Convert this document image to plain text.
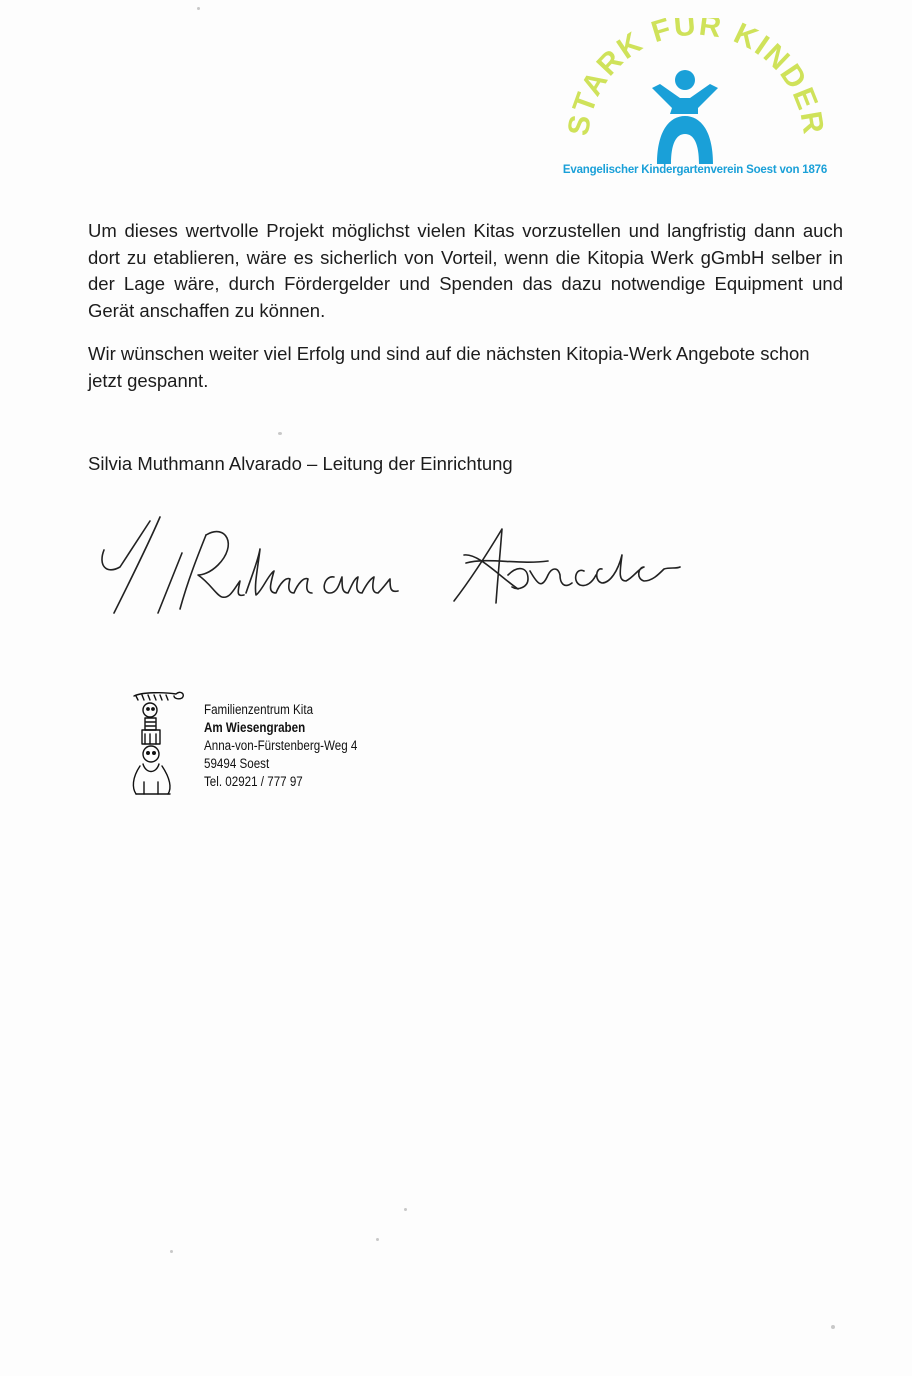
STARK FÜR KINDER
Evangelischer Kindergartenverein Soest von 1876

Um dieses wertvolle Projekt möglichst vielen Kitas vorzustellen und langfristig dann auch dort zu etablieren, wäre es sicherlich von Vorteil, wenn die Kitopia Werk gGmbH selber in der Lage wäre, durch Fördergelder und Spenden das dazu notwendige Equipment und Gerät anschaffen zu können.

Wir wünschen weiter viel Erfolg und sind auf die nächsten Kitopia-Werk Angebote schon jetzt gespannt.

Silvia Muthmann Alvarado – Leitung der Einrichtung
Familienzentrum Kita
Am Wiesengraben
Anna-von-Fürstenberg-Weg 4
59494 Soest
Tel. 02921 / 777 97
